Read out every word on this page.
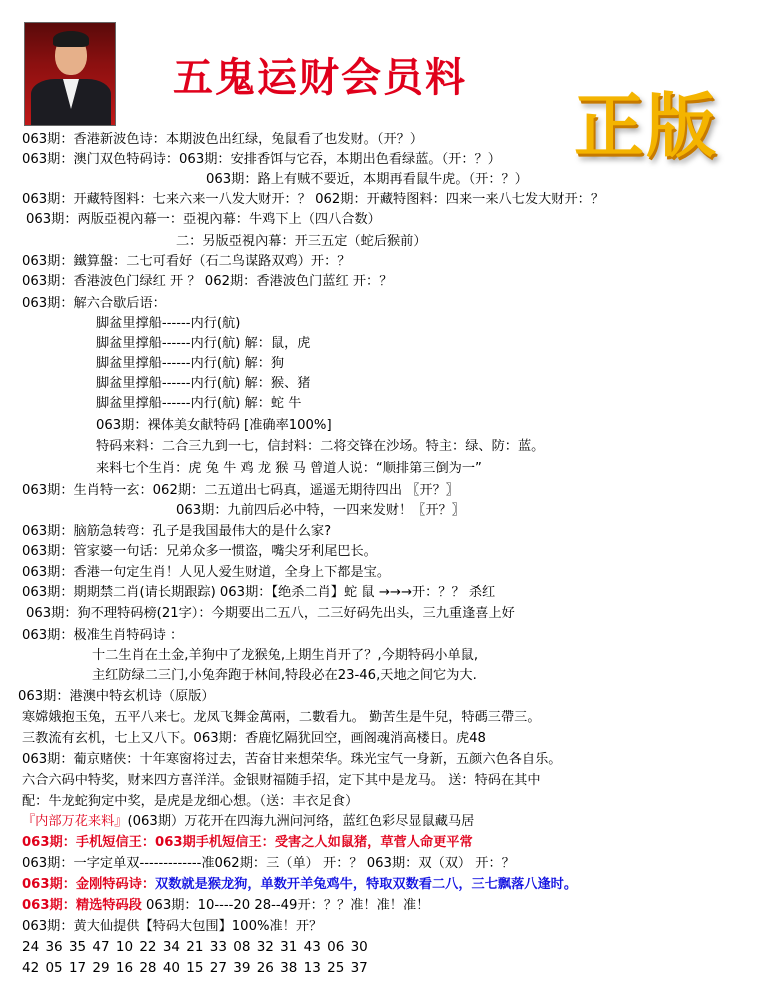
五鬼运财会员料
正版
063期：香港新波色诗：本期波色出红绿，兔鼠看了也发财。（开？）
063期：澳门双色特码诗：063期：安排香饵与它吞，本期出色看绿蓝。（开：？）
063期：路上有贼不要近，本期再看鼠牛虎。（开：？）
063期：开藏特图料：七来六来一八发大财开：？ 062期：开藏特图料：四来一来八七发大财开：？
063期：两版亞視內幕一：亞視內幕：牛鸡下上（四八合数）
二：另版亞視內幕：开三五定（蛇后猴前）
063期：鐵算盤：二七可看好（石二鸟谋路双鸡）开：？
063期：香港波色门绿红 开 ？ 062期：香港波色门蓝红 开：？
063期：解六合歇后语：
脚盆里撑船------内行(航)
脚盆里撑船------内行(航) 解：鼠，虎
脚盆里撑船------内行(航) 解：狗
脚盆里撑船------内行(航) 解：猴、猪
脚盆里撑船------内行(航) 解：蛇 牛
063期：裸体美女献特码 [准确率100%]
特码来料：二合三九到一七，信封料：二将交锋在沙场。特主：绿、防：蓝。
来料七个生肖：虎 兔 牛 鸡 龙 猴 马 曾道人说：“顺排第三倒为一”
063期：生肖特一玄：062期：二五道出七码真，遥遥无期待四出 〖开？〗
063期：九前四后必中特，一四来发财！〖开？〗
063期：脑筋急转弯：孔子是我国最伟大的是什么家?
063期：管家婆一句话：兄弟众多一惯盗，嘴尖牙利尾巴长。
063期：香港一句定生肖！人见人爱生财道，全身上下都是宝。
063期：期期禁二肖(请长期跟踪) 063期：【绝杀二肖】蛇 鼠 →→→开：？？ 杀红
063期：狗不理特码榜(21字）：今期要出二五八，二三好码先出头，三九重逢喜上好
063期：极准生肖特码诗 ：
十二生肖在土金,羊狗中了龙猴兔,上期生肖开了？,今期特码小单鼠,
主红防绿二三门,小兔奔跑于林间,特段必在23-46,天地之间它为大.
063期：港澳中特玄机诗（原版）
寒嫦娥抱玉兔，五平八来七。龙凤飞舞金萬兩，二數看九。 勤苦生是牛兒，特碼三帶三。
三教流有玄机，七上又八下。063期：香鹿忆隔犹回空，画阁魂消高楼日。虎48
063期：葡京赌侠：十年寒窗将过去，苦奋甘来想荣华。珠光宝气一身新，五颜六色各自乐。
六合六码中特奖，财来四方喜洋洋。金银财福随手招，定下其中是龙马。 送：特码在其中
配：牛龙蛇狗定中奖，是虎是龙细心想。（送：丰衣足食）
『内部万花来料』(063期）万花开在四海九洲问河络，蓝红色彩尽显鼠藏马居
063期：手机短信王：063期手机短信王：受害之人如鼠猪，草菅人命更平常
063期：一字定单双-------------准062期：三（单） 开：？ 063期：双（双） 开：？
063期：金刚特码诗：双数就是猴龙狗，单数开羊兔鸡牛，特取双数看二八，三七飘落八逢时。
063期：精选特码段 063期：10----20 28--49开：？？准！准！准！
063期：黄大仙提供【特码大包围】100%准！开？
24 36 35 47 10 22 34 21 33 08 32 31 43 06 30
42 05 17 29 16 28 40 15 27 39 26 38 13 25 37
